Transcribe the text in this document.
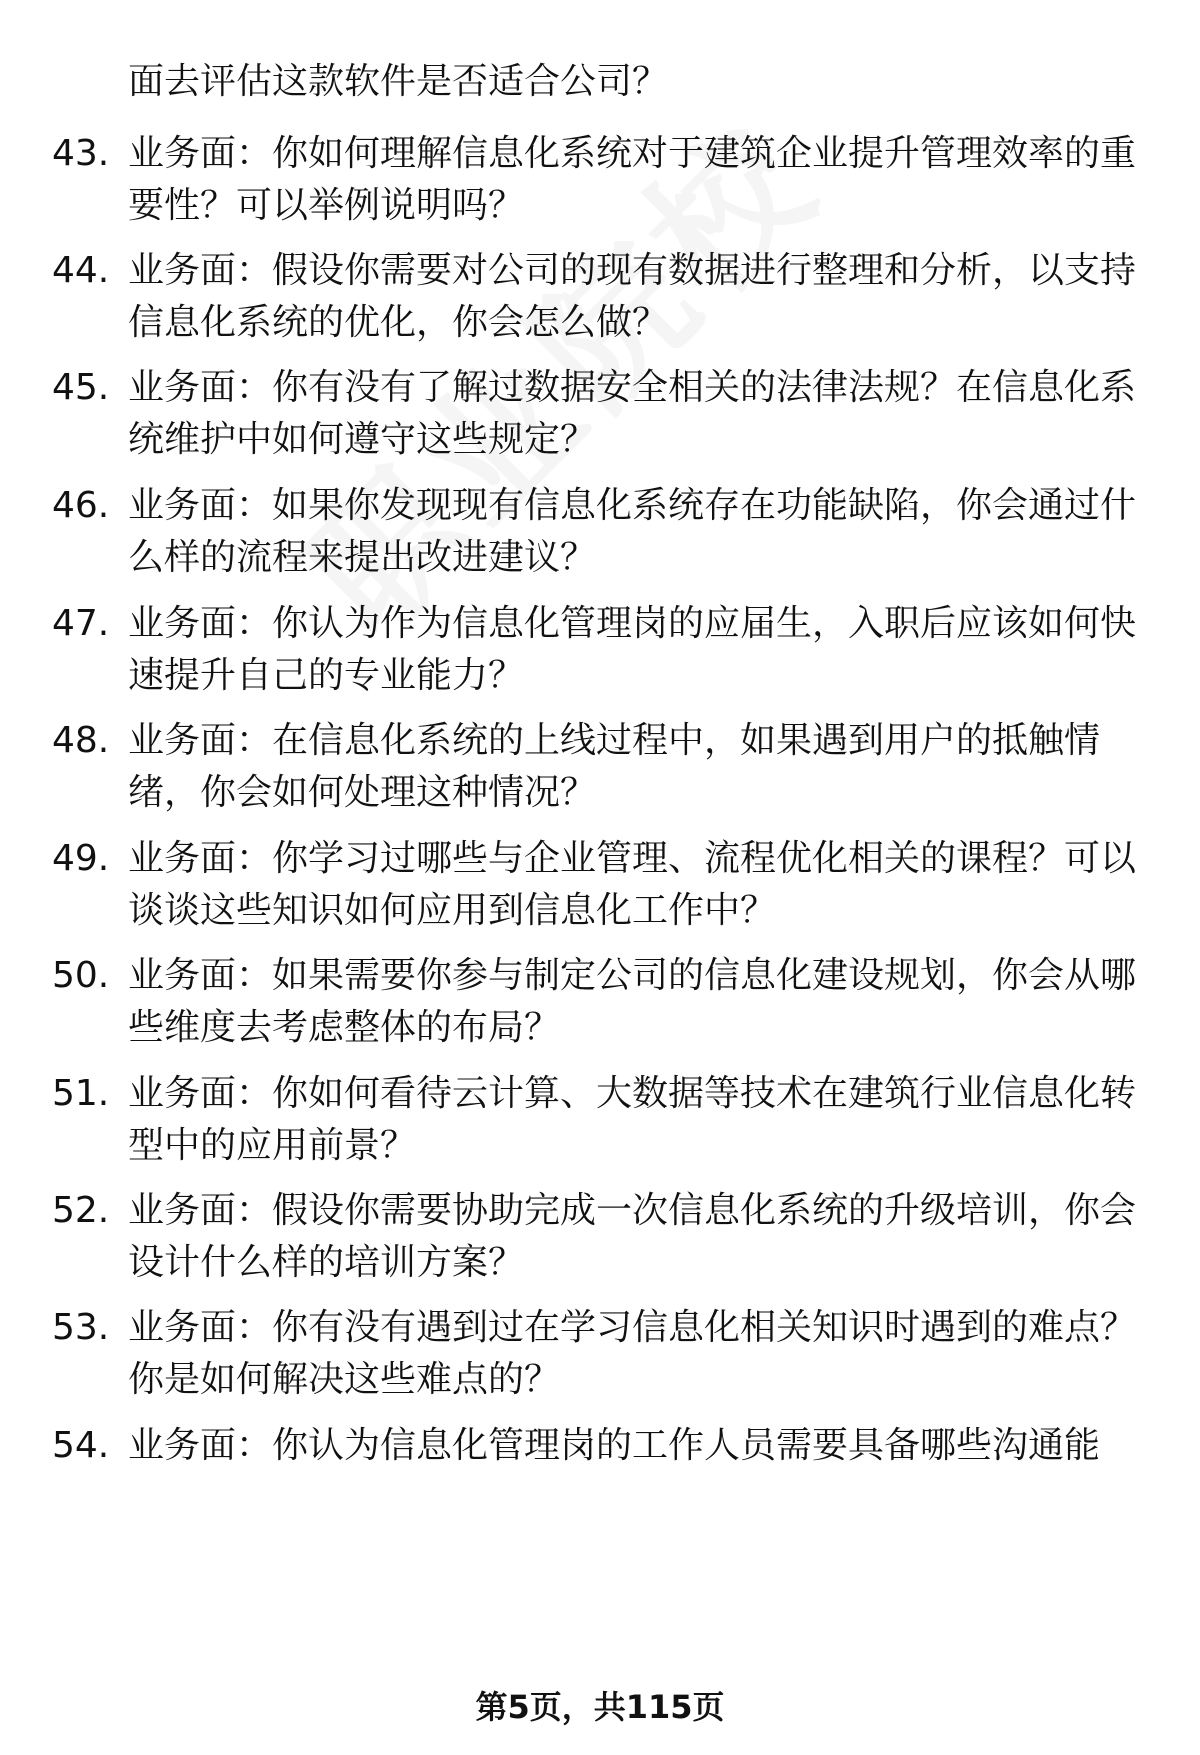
面去评估这款软件是否适合公司？
43. 业务面：你如何理解信息化系统对于建筑企业提升管理效率的重
要性？可以举例说明吗？
44. 业务面：假设你需要对公司的现有数据进行整理和分析，以支持
信息化系统的优化，你会怎么做？
45. 业务面：你有没有了解过数据安全相关的法律法规？在信息化系
统维护中如何遵守这些规定？
46. 业务面：如果你发现现有信息化系统存在功能缺陷，你会通过什
么样的流程来提出改进建议？
47. 业务面：你认为作为信息化管理岗的应届生，入职后应该如何快
速提升自己的专业能力？
48. 业务面：在信息化系统的上线过程中，如果遇到用户的抵触情
绪，你会如何处理这种情况？
49. 业务面：你学习过哪些与企业管理、流程优化相关的课程？可以
谈谈这些知识如何应用到信息化工作中？
50. 业务面：如果需要你参与制定公司的信息化建设规划，你会从哪
些维度去考虑整体的布局？
51. 业务面：你如何看待云计算、大数据等技术在建筑行业信息化转
型中的应用前景？
52. 业务面：假设你需要协助完成一次信息化系统的升级培训，你会
设计什么样的培训方案？
53. 业务面：你有没有遇到过在学习信息化相关知识时遇到的难点？
你是如何解决这些难点的？
54. 业务面：你认为信息化管理岗的工作人员需要具备哪些沟通能
第5页，共115页
